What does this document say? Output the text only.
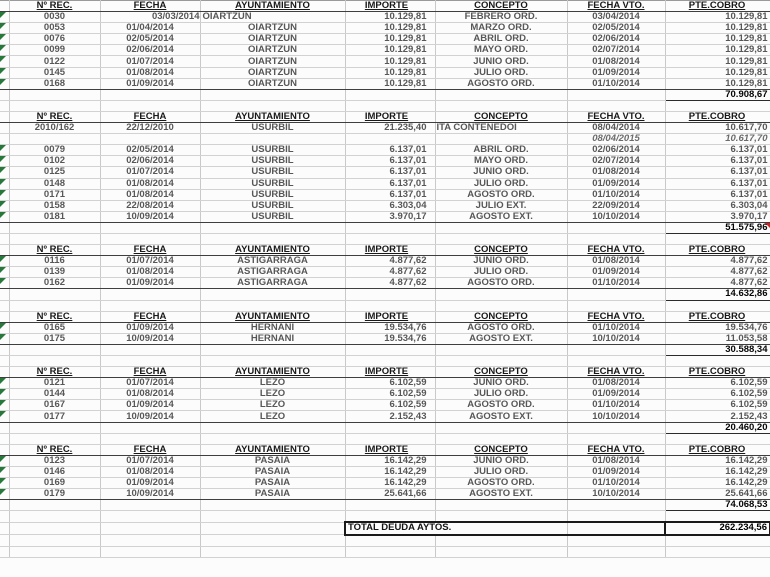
	Nº REC.	FECHA	AYUNTAMIENTO	IMPORTE	CONCEPTO	FECHA VTO.	PTE.COBRO

	0030	03/03/2014	OIARTZUN	10.129,81	FEBRERO ORD.	03/04/2014	10.129,81

	0053	01/04/2014	OIARTZUN	10.129,81	MARZO ORD.	02/05/2014	10.129,81

	0076	02/05/2014	OIARTZUN	10.129,81	ABRIL ORD.	02/06/2014	10.129,81

	0099	02/06/2014	OIARTZUN	10.129,81	MAYO ORD.	02/07/2014	10.129,81

	0122	01/07/2014	OIARTZUN	10.129,81	JUNIO ORD.	01/08/2014	10.129,81

	0145	01/08/2014	OIARTZUN	10.129,81	JULIO ORD.	01/09/2014	10.129,81

	0168	01/09/2014	OIARTZUN	10.129,81	AGOSTO ORD.	01/10/2014	10.129,81
							70.908,67

	Nº REC.	FECHA	AYUNTAMIENTO	IMPORTE	CONCEPTO	FECHA VTO.	PTE.COBRO
	2010/162	22/12/2010	USURBIL	21.235,40	ITA CONTENEDOI	08/04/2014	10.617,70
						08/04/2015	10.617,70

	0079	02/05/2014	USURBIL	6.137,01	ABRIL ORD.	02/06/2014	6.137,01

	0102	02/06/2014	USURBIL	6.137,01	MAYO ORD.	02/07/2014	6.137,01

	0125	01/07/2014	USURBIL	6.137,01	JUNIO ORD.	01/08/2014	6.137,01

	0148	01/08/2014	USURBIL	6.137,01	JULIO ORD.	01/09/2014	6.137,01

	0171	01/08/2014	USURBIL	6.137,01	AGOSTO ORD.	01/10/2014	6.137,01

	0158	22/08/2014	USURBIL	6.303,04	JULIO EXT.	22/09/2014	6.303,04

	0181	10/09/2014	USURBIL	3.970,17	AGOSTO EXT.	10/10/2014	3.970,17
							51.575,96

	Nº REC.	FECHA	AYUNTAMIENTO	IMPORTE	CONCEPTO	FECHA VTO.	PTE.COBRO

	0116	01/07/2014	ASTIGARRAGA	4.877,62	JUNIO ORD.	01/08/2014	4.877,62

	0139	01/08/2014	ASTIGARRAGA	4.877,62	JULIO ORD.	01/09/2014	4.877,62

	0162	01/09/2014	ASTIGARRAGA	4.877,62	AGOSTO ORD.	01/10/2014	4.877,62
							14.632,86

	Nº REC.	FECHA	AYUNTAMIENTO	IMPORTE	CONCEPTO	FECHA VTO.	PTE.COBRO

	0165	01/09/2014	HERNANI	19.534,76	AGOSTO ORD.	01/10/2014	19.534,76

	0175	10/09/2014	HERNANI	19.534,76	AGOSTO EXT.	10/10/2014	11.053,58
							30.588,34

	Nº REC.	FECHA	AYUNTAMIENTO	IMPORTE	CONCEPTO	FECHA VTO.	PTE.COBRO

	0121	01/07/2014	LEZO	6.102,59	JUNIO ORD.	01/08/2014	6.102,59

	0144	01/08/2014	LEZO	6.102,59	JULIO ORD.	01/09/2014	6.102,59

	0167	01/09/2014	LEZO	6.102,59	AGOSTO ORD.	01/10/2014	6.102,59

	0177	10/09/2014	LEZO	2.152,43	AGOSTO EXT.	10/10/2014	2.152,43
							20.460,20

	Nº REC.	FECHA	AYUNTAMIENTO	IMPORTE	CONCEPTO	FECHA VTO.	PTE.COBRO

	0123	01/07/2014	PASAIA	16.142,29	JUNIO ORD.	01/08/2014	16.142,29

	0146	01/08/2014	PASAIA	16.142,29	JULIO ORD.	01/09/2014	16.142,29

	0169	01/09/2014	PASAIA	16.142,29	AGOSTO ORD.	01/10/2014	16.142,29

	0179	10/09/2014	PASAIA	25.641,66	AGOSTO EXT.	10/10/2014	25.641,66
							74.068,53

				TOTAL DEUDA AYTOS.			262.234,56
